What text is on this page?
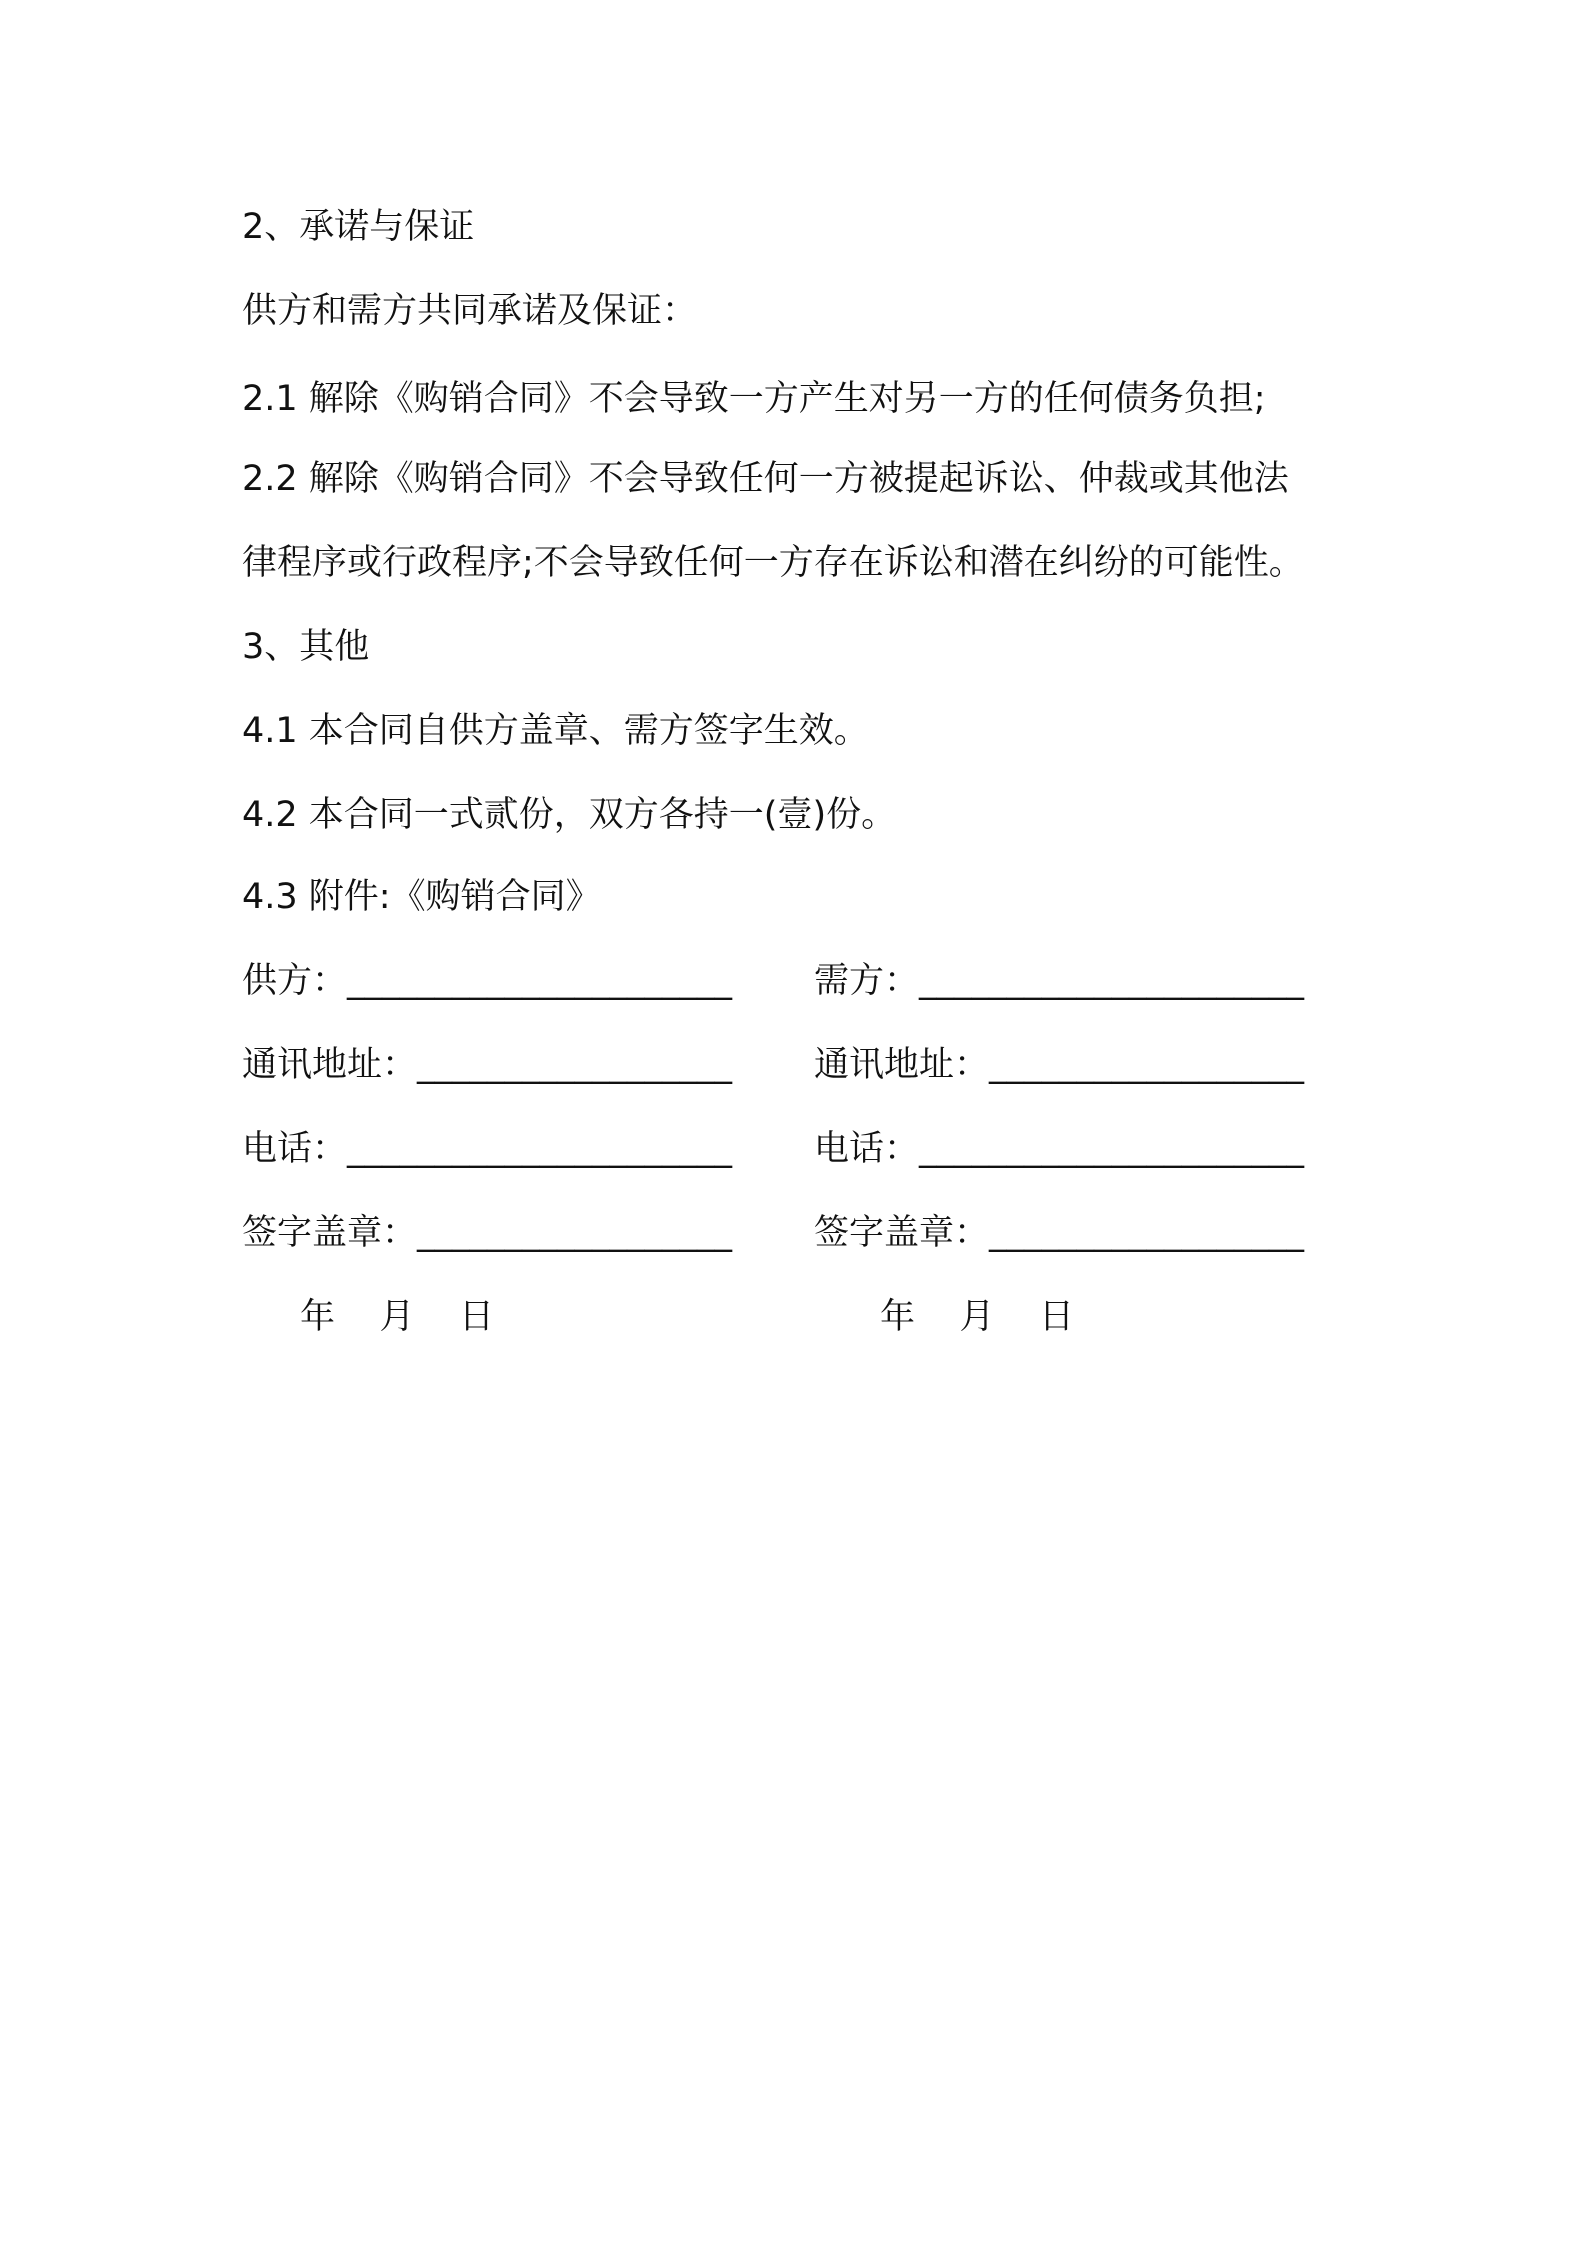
2、承诺与保证
供方和需方共同承诺及保证：
2.1 解除《购销合同》不会导致一方产生对另一方的任何债务负担;
2.2 解除《购销合同》不会导致任何一方被提起诉讼、仲裁或其他法
律程序或行政程序;不会导致任何一方存在诉讼和潜在纠纷的可能性。
3、其他
4.1 本合同自供方盖章、需方签字生效。
4.2 本合同一式贰份，双方各持一(壹)份。
4.3 附件:《购销合同》
供方：______________________ 需方：______________________
通讯地址：__________________ 通讯地址：__________________
电话：______________________ 电话：______________________
签字盖章：__________________ 签字盖章：__________________
年    月    日	年    月    日
